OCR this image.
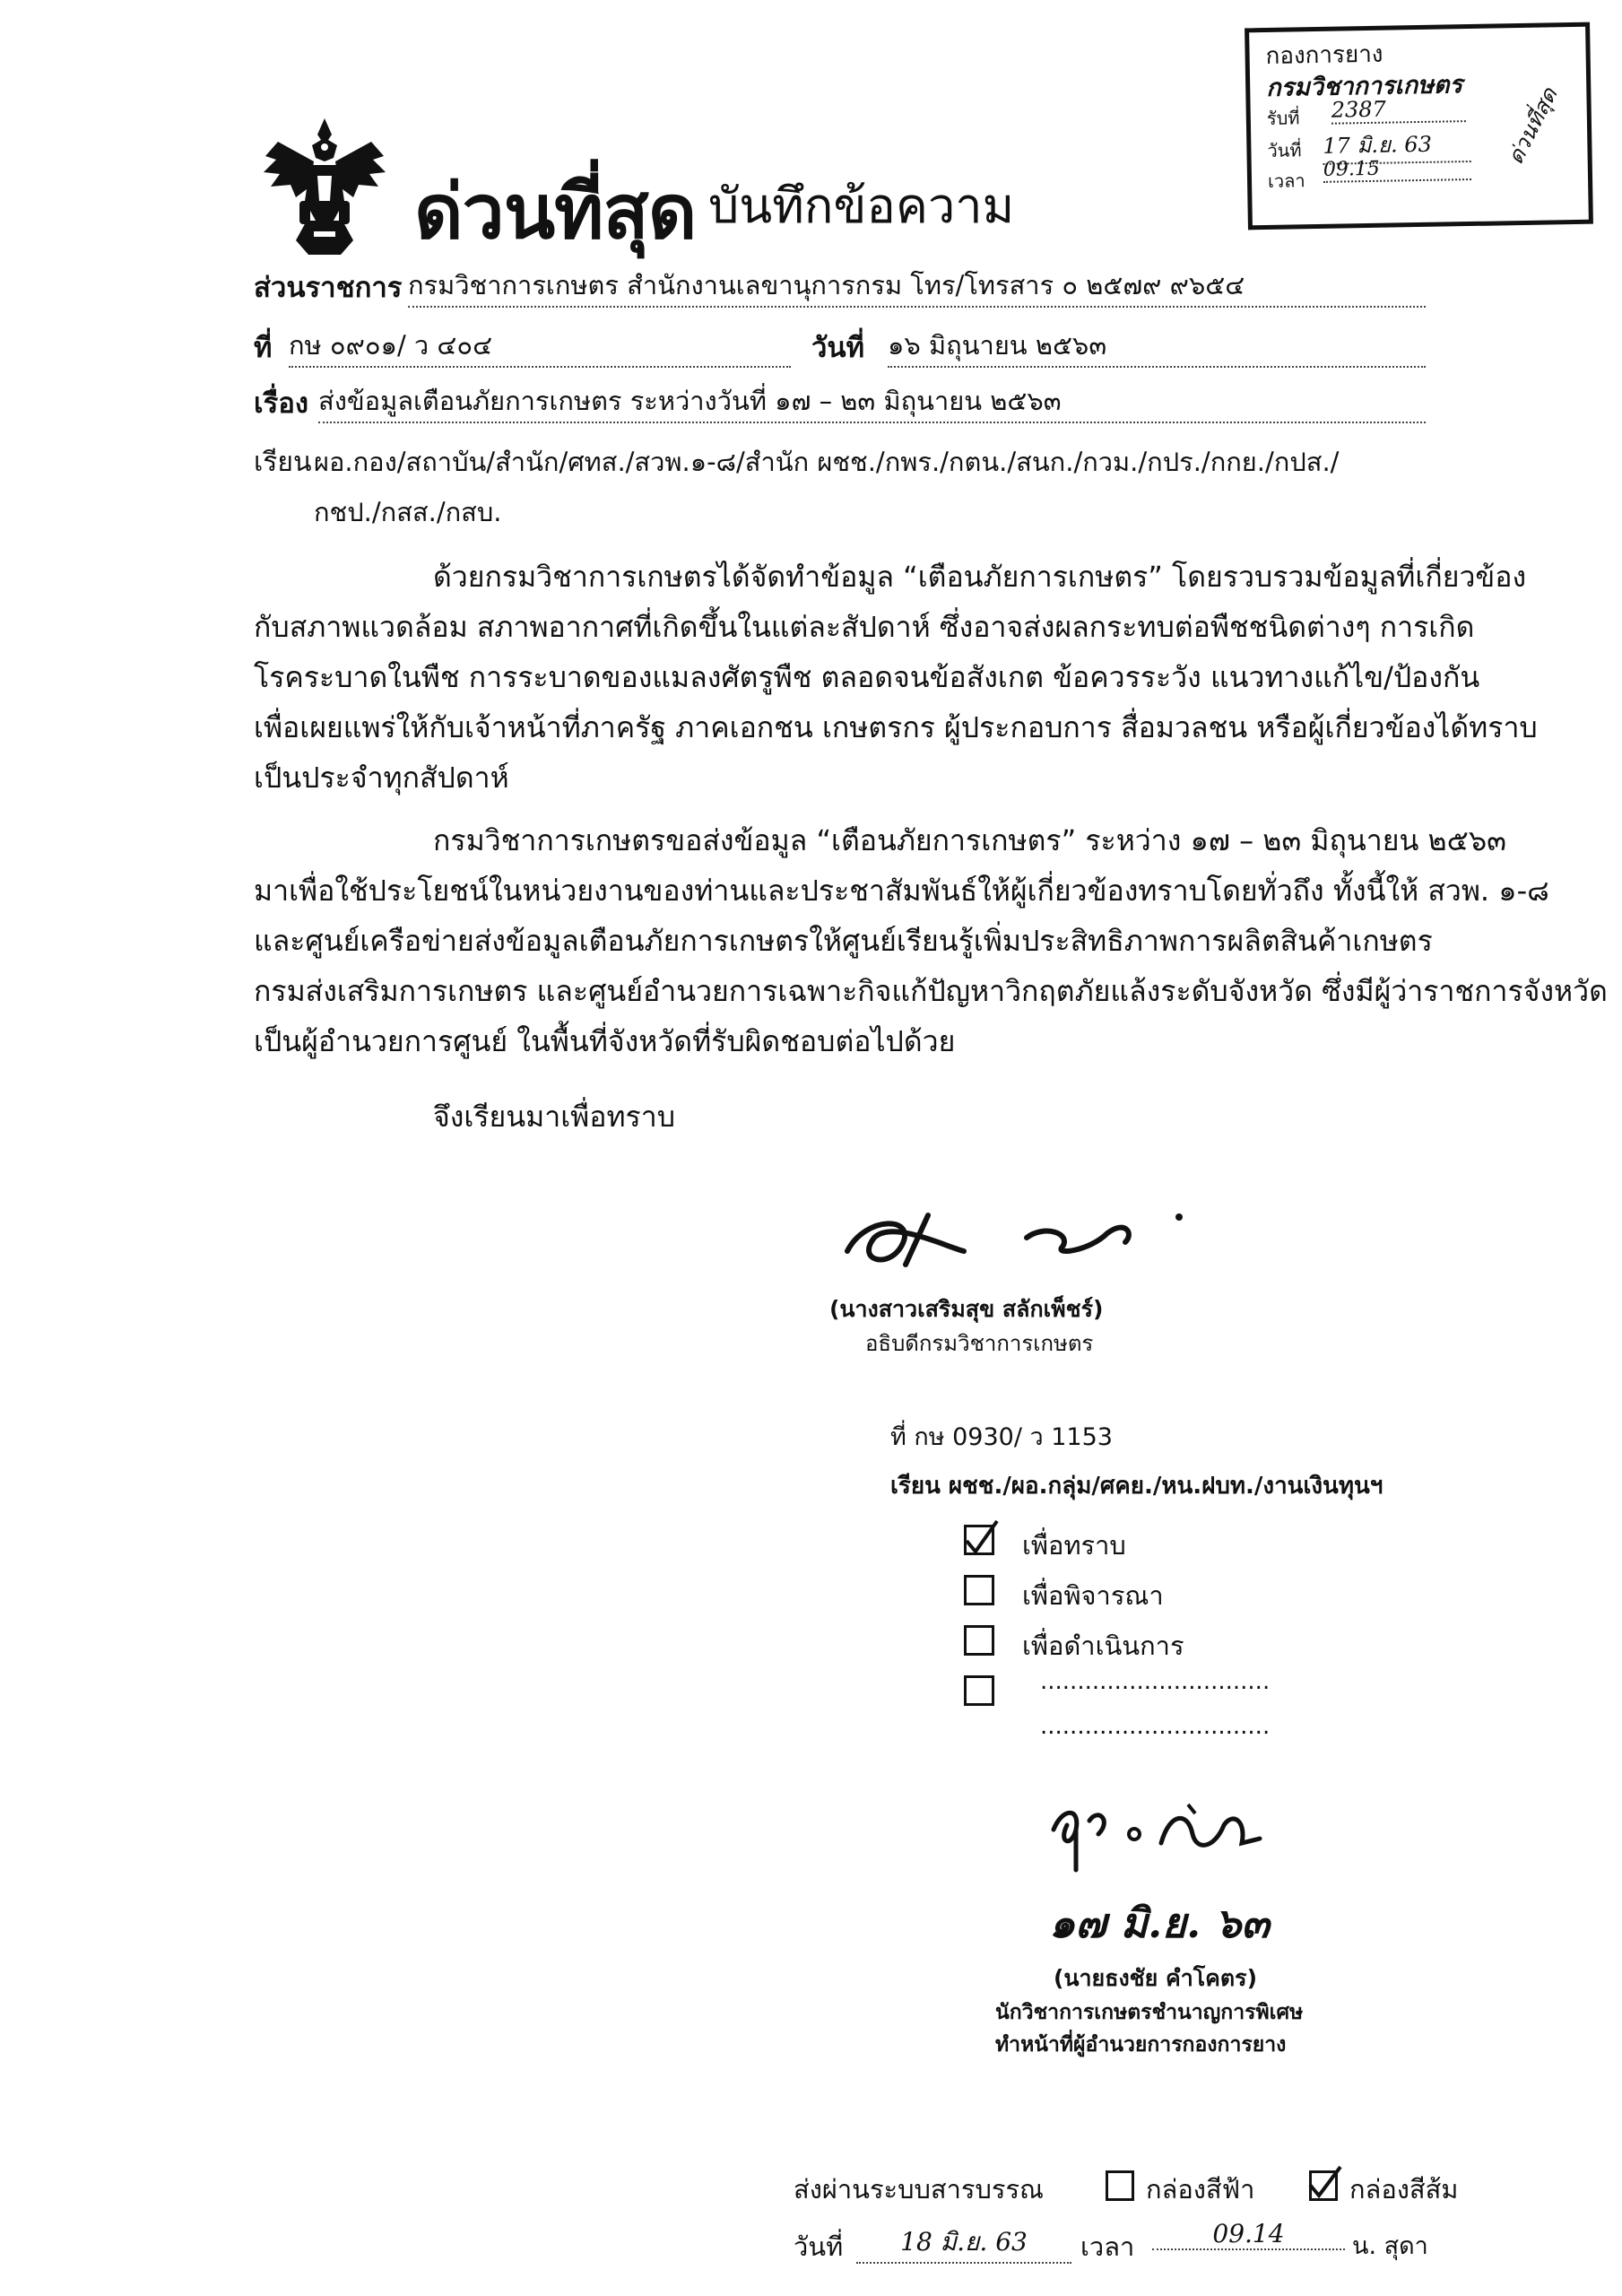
กองการยาง
กรมวิชาการเกษตร
รับที่ 2387
วันที่ 17 มิ.ย. 63
เวลา 09.15
ด่วนที่สุด
ด่วนที่สุด บันทึกข้อความ
ส่วนราชการ กรมวิชาการเกษตร สำนักงานเลขานุการกรม โทร/โทรสาร ๐ ๒๕๗๙ ๙๖๕๔
ที่ กษ ๐๙๐๑/ ว ๔๐๔	วันที่ ๑๖ มิถุนายน ๒๕๖๓
เรื่อง ส่งข้อมูลเตือนภัยการเกษตร ระหว่างวันที่ ๑๗ – ๒๓ มิถุนายน ๒๕๖๓
เรียน ผอ.กอง/สถาบัน/สำนัก/ศทส./สวพ.๑-๘/สำนัก ผชช./กพร./กตน./สนก./กวม./กปร./กกย./กปส./
กชป./กสส./กสบ.
ด้วยกรมวิชาการเกษตรได้จัดทำข้อมูล “เตือนภัยการเกษตร” โดยรวบรวมข้อมูลที่เกี่ยวข้อง
กับสภาพแวดล้อม สภาพอากาศที่เกิดขึ้นในแต่ละสัปดาห์ ซึ่งอาจส่งผลกระทบต่อพืชชนิดต่างๆ การเกิด
โรคระบาดในพืช การระบาดของแมลงศัตรูพืช ตลอดจนข้อสังเกต ข้อควรระวัง แนวทางแก้ไข/ป้องกัน
เพื่อเผยแพร่ให้กับเจ้าหน้าที่ภาครัฐ ภาคเอกชน เกษตรกร ผู้ประกอบการ สื่อมวลชน หรือผู้เกี่ยวข้องได้ทราบ
เป็นประจำทุกสัปดาห์
กรมวิชาการเกษตรขอส่งข้อมูล “เตือนภัยการเกษตร” ระหว่าง ๑๗ – ๒๓ มิถุนายน ๒๕๖๓
มาเพื่อใช้ประโยชน์ในหน่วยงานของท่านและประชาสัมพันธ์ให้ผู้เกี่ยวข้องทราบโดยทั่วถึง ทั้งนี้ให้ สวพ. ๑-๘
และศูนย์เครือข่ายส่งข้อมูลเตือนภัยการเกษตรให้ศูนย์เรียนรู้เพิ่มประสิทธิภาพการผลิตสินค้าเกษตร
กรมส่งเสริมการเกษตร และศูนย์อำนวยการเฉพาะกิจแก้ปัญหาวิกฤตภัยแล้งระดับจังหวัด ซึ่งมีผู้ว่าราชการจังหวัด
เป็นผู้อำนวยการศูนย์ ในพื้นที่จังหวัดที่รับผิดชอบต่อไปด้วย
จึงเรียนมาเพื่อทราบ
(นางสาวเสริมสุข สลักเพ็ชร์)
อธิบดีกรมวิชาการเกษตร
ที่ กษ 0930/ ว 1153
เรียน ผชช./ผอ.กลุ่ม/ศคย./หน.ฝบท./งานเงินทุนฯ
เพื่อทราบ
เพื่อพิจารณา
เพื่อดำเนินการ
...............................
...............................
๑๗ มิ.ย. ๖๓
(นายธงชัย คำโคตร)
นักวิชาการเกษตรชำนาญการพิเศษ
ทำหน้าที่ผู้อำนวยการกองการยาง
ส่งผ่านระบบสารบรรณ	กล่องสีฟ้า	กล่องสีส้ม
วันที่	18 มิ.ย. 63	เวลา	09.14	น. สุดา
